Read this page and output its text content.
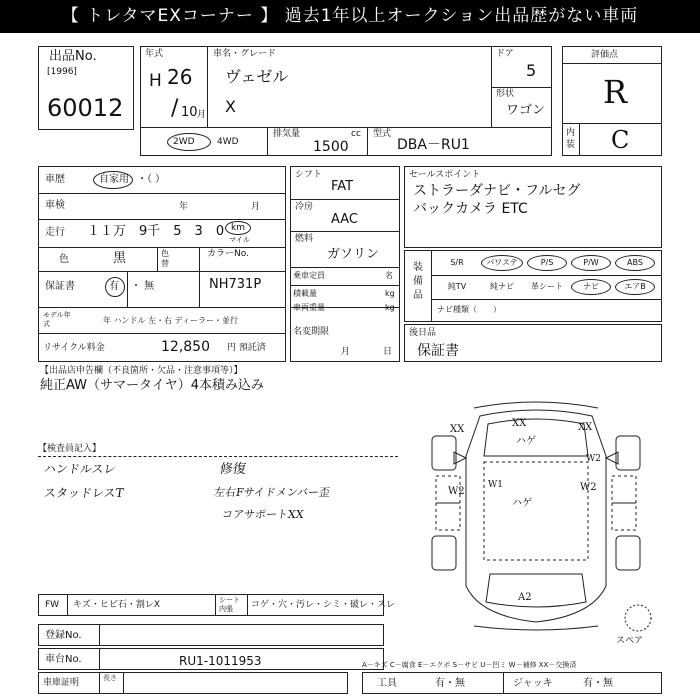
【 トレタマEXコーナー 】 過去1年以上オークション出品歴がない車両
出品No.
[1996]
60012
年式
H 26
/ 10 月
車名・グレード
ヴェゼル
X
ドア
5
形状
ワゴン
2WD 4WD
排気量	cc
1500
型式
DBA－RU1
評価点
R
内装 C
車歴	自家用 ・（ ）
車検	年	月
走行 １１万　9千　5　3　0 km
マイル
色	黒	色替
カラーNo.
保証書	有 ・ 無	NH731P
モデル年式	年 ハンドル 左・右 ディーラー・並行
リサイクル料金	12,850 円 預託済
シフト
FAT
冷房
AAC
燃料
ガソリン
乗車定員	名
積載量	kg
車両重量	kg
名変期限
月	日
セールスポイント
ストラーダナビ・フルセグ
バックカメラ ETC
装備品
S/R	パワステ	P/S	P/W	ABS
純TV	純ナビ	革シート	ナビ	エアB
ナビ種類（　　）
後日品
保証書
【出品店申告欄（不良箇所・欠品・注意事項等）】
純正AW（サマータイヤ）4本積み込み
【検査員記入】
ハンドルスレ
スタッドレスT
修復
左右Fサイドメンバー歪
コアサポートXX
XX
XX	XX
ハゲ
W2
W1
ハゲ
W2
W2
A2
スペア
FW キズ・ヒビ石・割レX	シート内張	コゲ・穴・汚レ・シミ・破レ・スレ
登録No.
車台No.	RU1-1011953	A－キズ C－腐食 E－エクボ S－サビ U－凹ミ W－補修 XX－交換済
車庫証明	長さ	工具	有・無	ジャッキ	有・無
